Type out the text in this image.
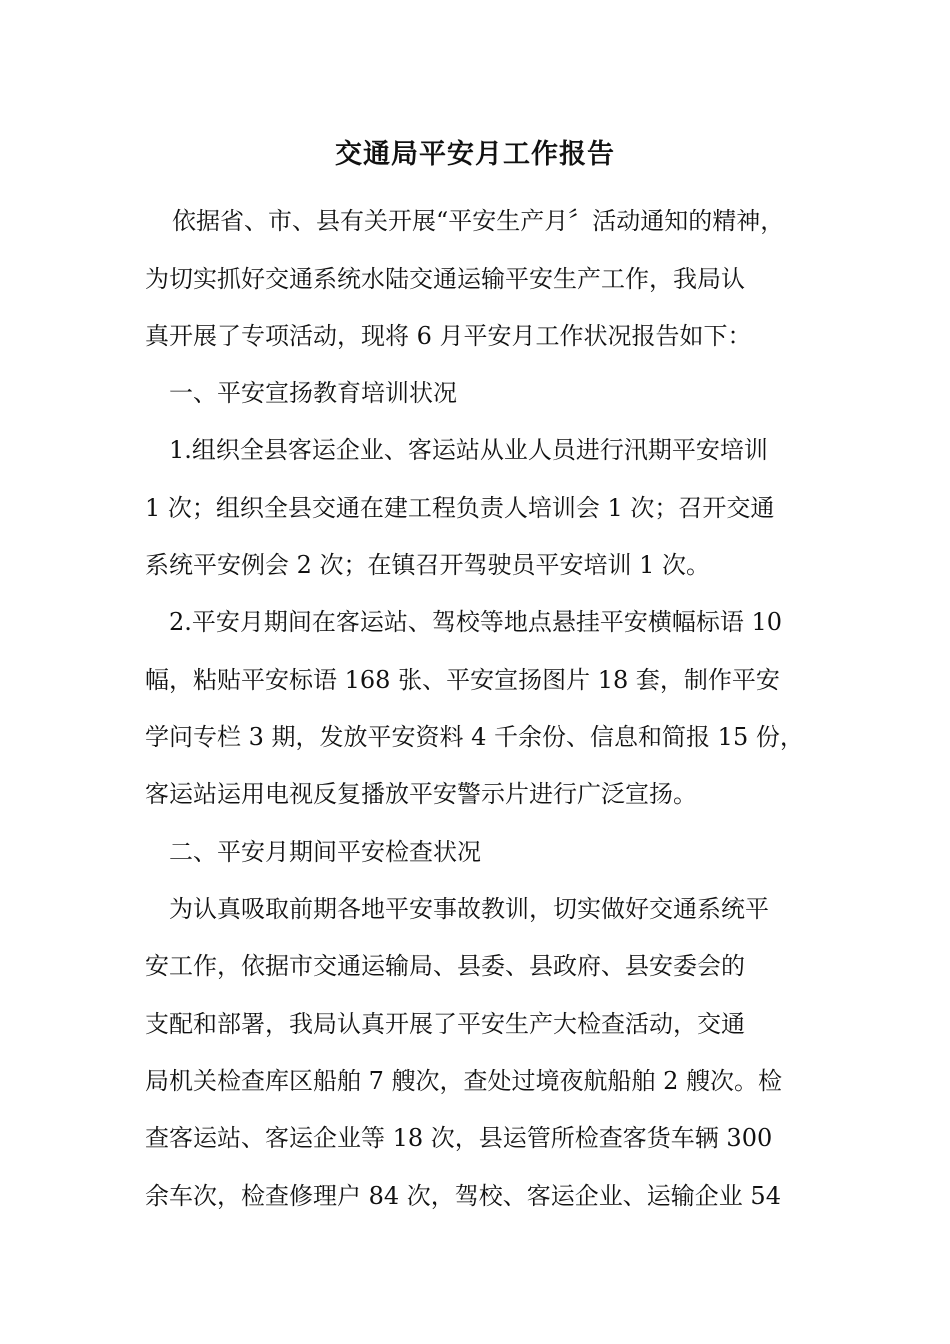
交通局平安月工作报告

　依据省、市、县有关开展“平安生产月〞活动通知的精神，

为切实抓好交通系统水陆交通运输平安生产工作，我局认

真开展了专项活动，现将 6 月平安月工作状况报告如下：

　一、平安宣扬教育培训状况

　1.组织全县客运企业、客运站从业人员进行汛期平安培训

1 次；组织全县交通在建工程负责人培训会 1 次；召开交通

系统平安例会 2 次；在镇召开驾驶员平安培训 1 次。

　2.平安月期间在客运站、驾校等地点悬挂平安横幅标语 10

幅，粘贴平安标语 168 张、平安宣扬图片 18 套，制作平安

学问专栏 3 期，发放平安资料 4 千余份、信息和简报 15 份，

客运站运用电视反复播放平安警示片进行广泛宣扬。

　二、平安月期间平安检查状况

　为认真吸取前期各地平安事故教训，切实做好交通系统平

安工作，依据市交通运输局、县委、县政府、县安委会的

支配和部署，我局认真开展了平安生产大检查活动，交通

局机关检查库区船舶 7 艘次，查处过境夜航船舶 2 艘次。检

查客运站、客运企业等 18 次，县运管所检查客货车辆 300

余车次，检查修理户 84 次，驾校、客运企业、运输企业 54
